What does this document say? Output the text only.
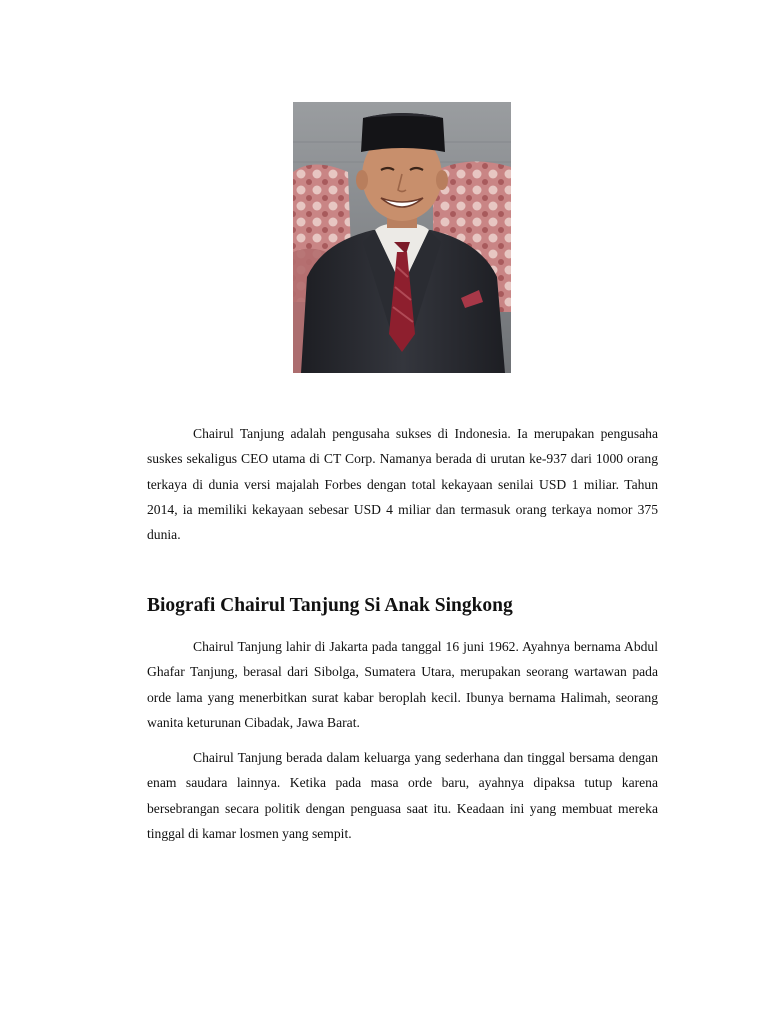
Chairul Tanjung adalah pengusaha sukses di Indonesia. Ia merupakan pengusaha suskes sekaligus CEO utama di CT Corp. Namanya berada di urutan ke-937 dari 1000 orang terkaya di dunia versi majalah Forbes dengan total kekayaan senilai USD 1 miliar. Tahun 2014, ia memiliki kekayaan sebesar USD 4 miliar dan termasuk orang terkaya nomor 375 dunia.

Biografi Chairul Tanjung Si Anak Singkong

Chairul Tanjung lahir di Jakarta pada tanggal 16 juni 1962. Ayahnya bernama Abdul Ghafar Tanjung, berasal dari Sibolga, Sumatera Utara, merupakan seorang wartawan pada orde lama yang menerbitkan surat kabar beroplah kecil. Ibunya bernama Halimah, seorang wanita keturunan Cibadak, Jawa Barat.

Chairul Tanjung berada dalam keluarga yang sederhana dan tinggal bersama dengan enam saudara lainnya. Ketika pada masa orde baru, ayahnya dipaksa tutup karena bersebrangan secara politik dengan penguasa saat itu. Keadaan ini yang membuat mereka tinggal di kamar losmen yang sempit.
